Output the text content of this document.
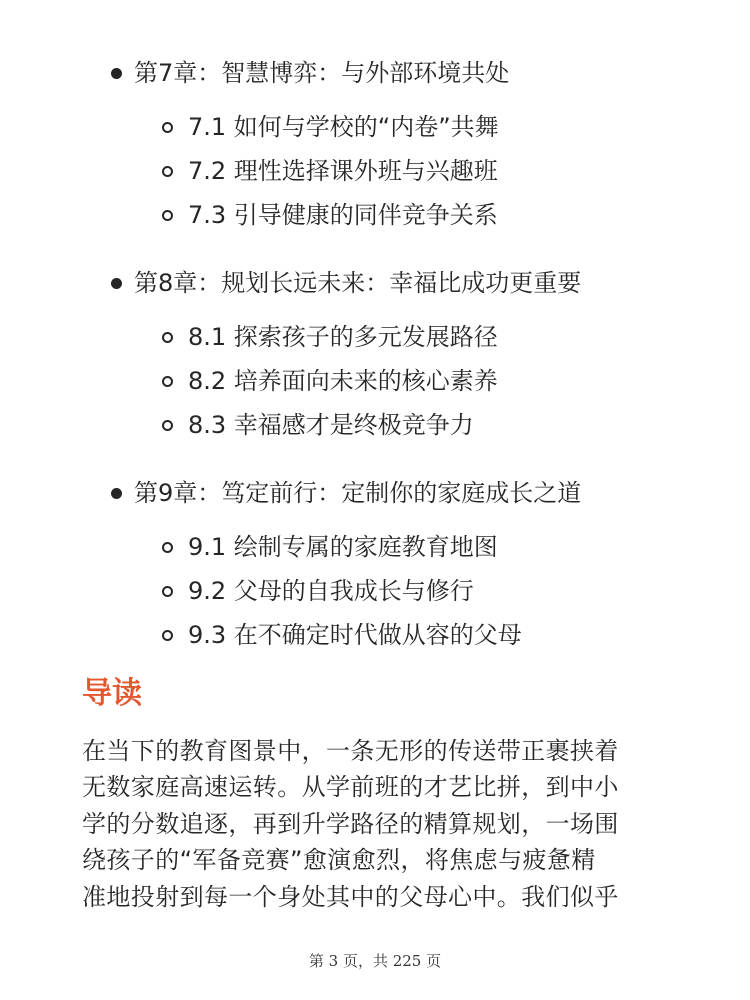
第7章：智慧博弈：与外部环境共处
7.1 如何与学校的“内卷”共舞
7.2 理性选择课外班与兴趣班
7.3 引导健康的同伴竞争关系
第8章：规划长远未来：幸福比成功更重要
8.1 探索孩子的多元发展路径
8.2 培养面向未来的核心素养
8.3 幸福感才是终极竞争力
第9章：笃定前行：定制你的家庭成长之道
9.1 绘制专属的家庭教育地图
9.2 父母的自我成长与修行
9.3 在不确定时代做从容的父母
导读
在当下的教育图景中，一条无形的传送带正裹挟着
无数家庭高速运转。从学前班的才艺比拼，到中小
学的分数追逐，再到升学路径的精算规划，一场围
绕孩子的“军备竞赛”愈演愈烈，将焦虑与疲惫精
准地投射到每一个身处其中的父母心中。我们似乎
第 3 页，共 225 页
